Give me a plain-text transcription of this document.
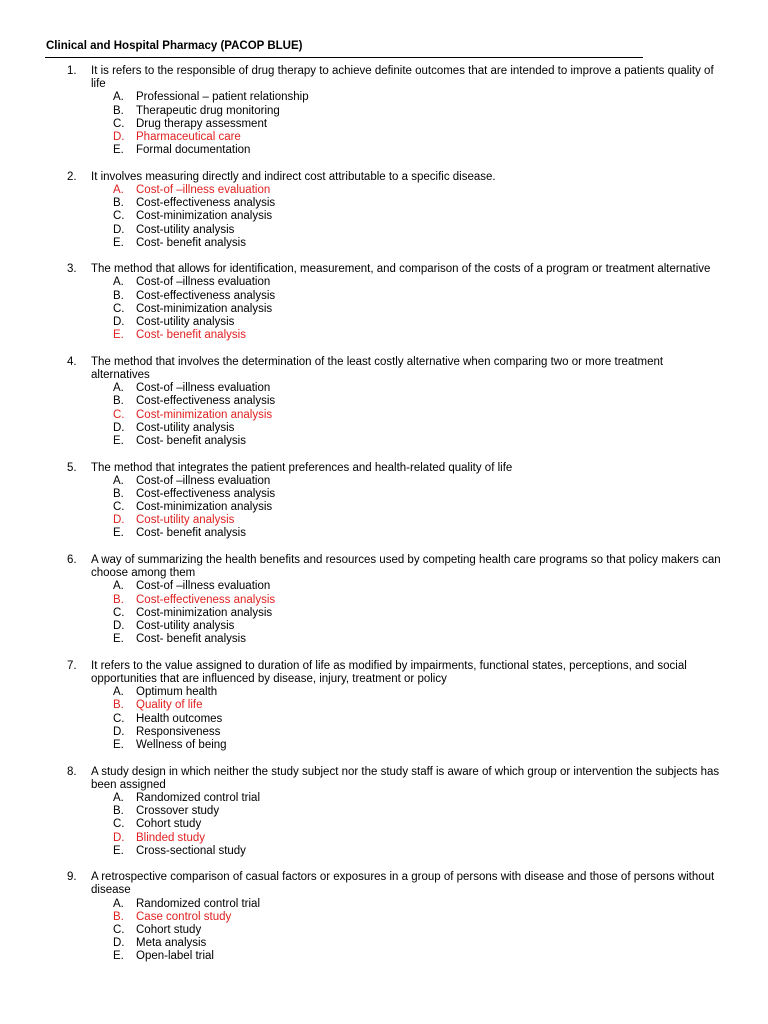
Clinical and Hospital Pharmacy (PACOP BLUE)
1.	It is refers to the responsible of drug therapy to achieve definite outcomes that are intended to improve a patients quality of life
A. Professional – patient relationship
B. Therapeutic drug monitoring
C. Drug therapy assessment
D. Pharmaceutical care
E. Formal documentation
2.	It involves measuring directly and indirect cost attributable to a specific disease.
A. Cost-of –illness evaluation
B. Cost-effectiveness analysis
C. Cost-minimization analysis
D. Cost-utility analysis
E. Cost- benefit analysis
3.	The method that allows for identification, measurement, and comparison of the costs of a program or treatment alternative
A. Cost-of –illness evaluation
B. Cost-effectiveness analysis
C. Cost-minimization analysis
D. Cost-utility analysis
E. Cost- benefit analysis
4.	The method that involves the determination of the least costly alternative when comparing two or more treatment alternatives
A. Cost-of –illness evaluation
B. Cost-effectiveness analysis
C. Cost-minimization analysis
D. Cost-utility analysis
E. Cost- benefit analysis
5.	The method that integrates the patient preferences and health-related quality of life
A. Cost-of –illness evaluation
B. Cost-effectiveness analysis
C. Cost-minimization analysis
D. Cost-utility analysis
E. Cost- benefit analysis
6.	A way of summarizing the health benefits and resources used by competing health care programs so that policy makers can choose among them
A. Cost-of –illness evaluation
B. Cost-effectiveness analysis
C. Cost-minimization analysis
D. Cost-utility analysis
E. Cost- benefit analysis
7.	It refers to the value assigned to duration of life as modified by impairments, functional states, perceptions, and social opportunities that are influenced by disease, injury, treatment or policy
A. Optimum health
B. Quality of life
C. Health outcomes
D. Responsiveness
E. Wellness of being
8.	A study design in which neither the study subject nor the study staff is aware of which group or intervention the subjects has been assigned
A. Randomized control trial
B. Crossover study
C. Cohort study
D. Blinded study
E. Cross-sectional study
9.	A retrospective comparison of casual factors or exposures in a group of persons with disease and those of persons without disease
A. Randomized control trial
B. Case control study
C. Cohort study
D. Meta analysis
E. Open-label trial
